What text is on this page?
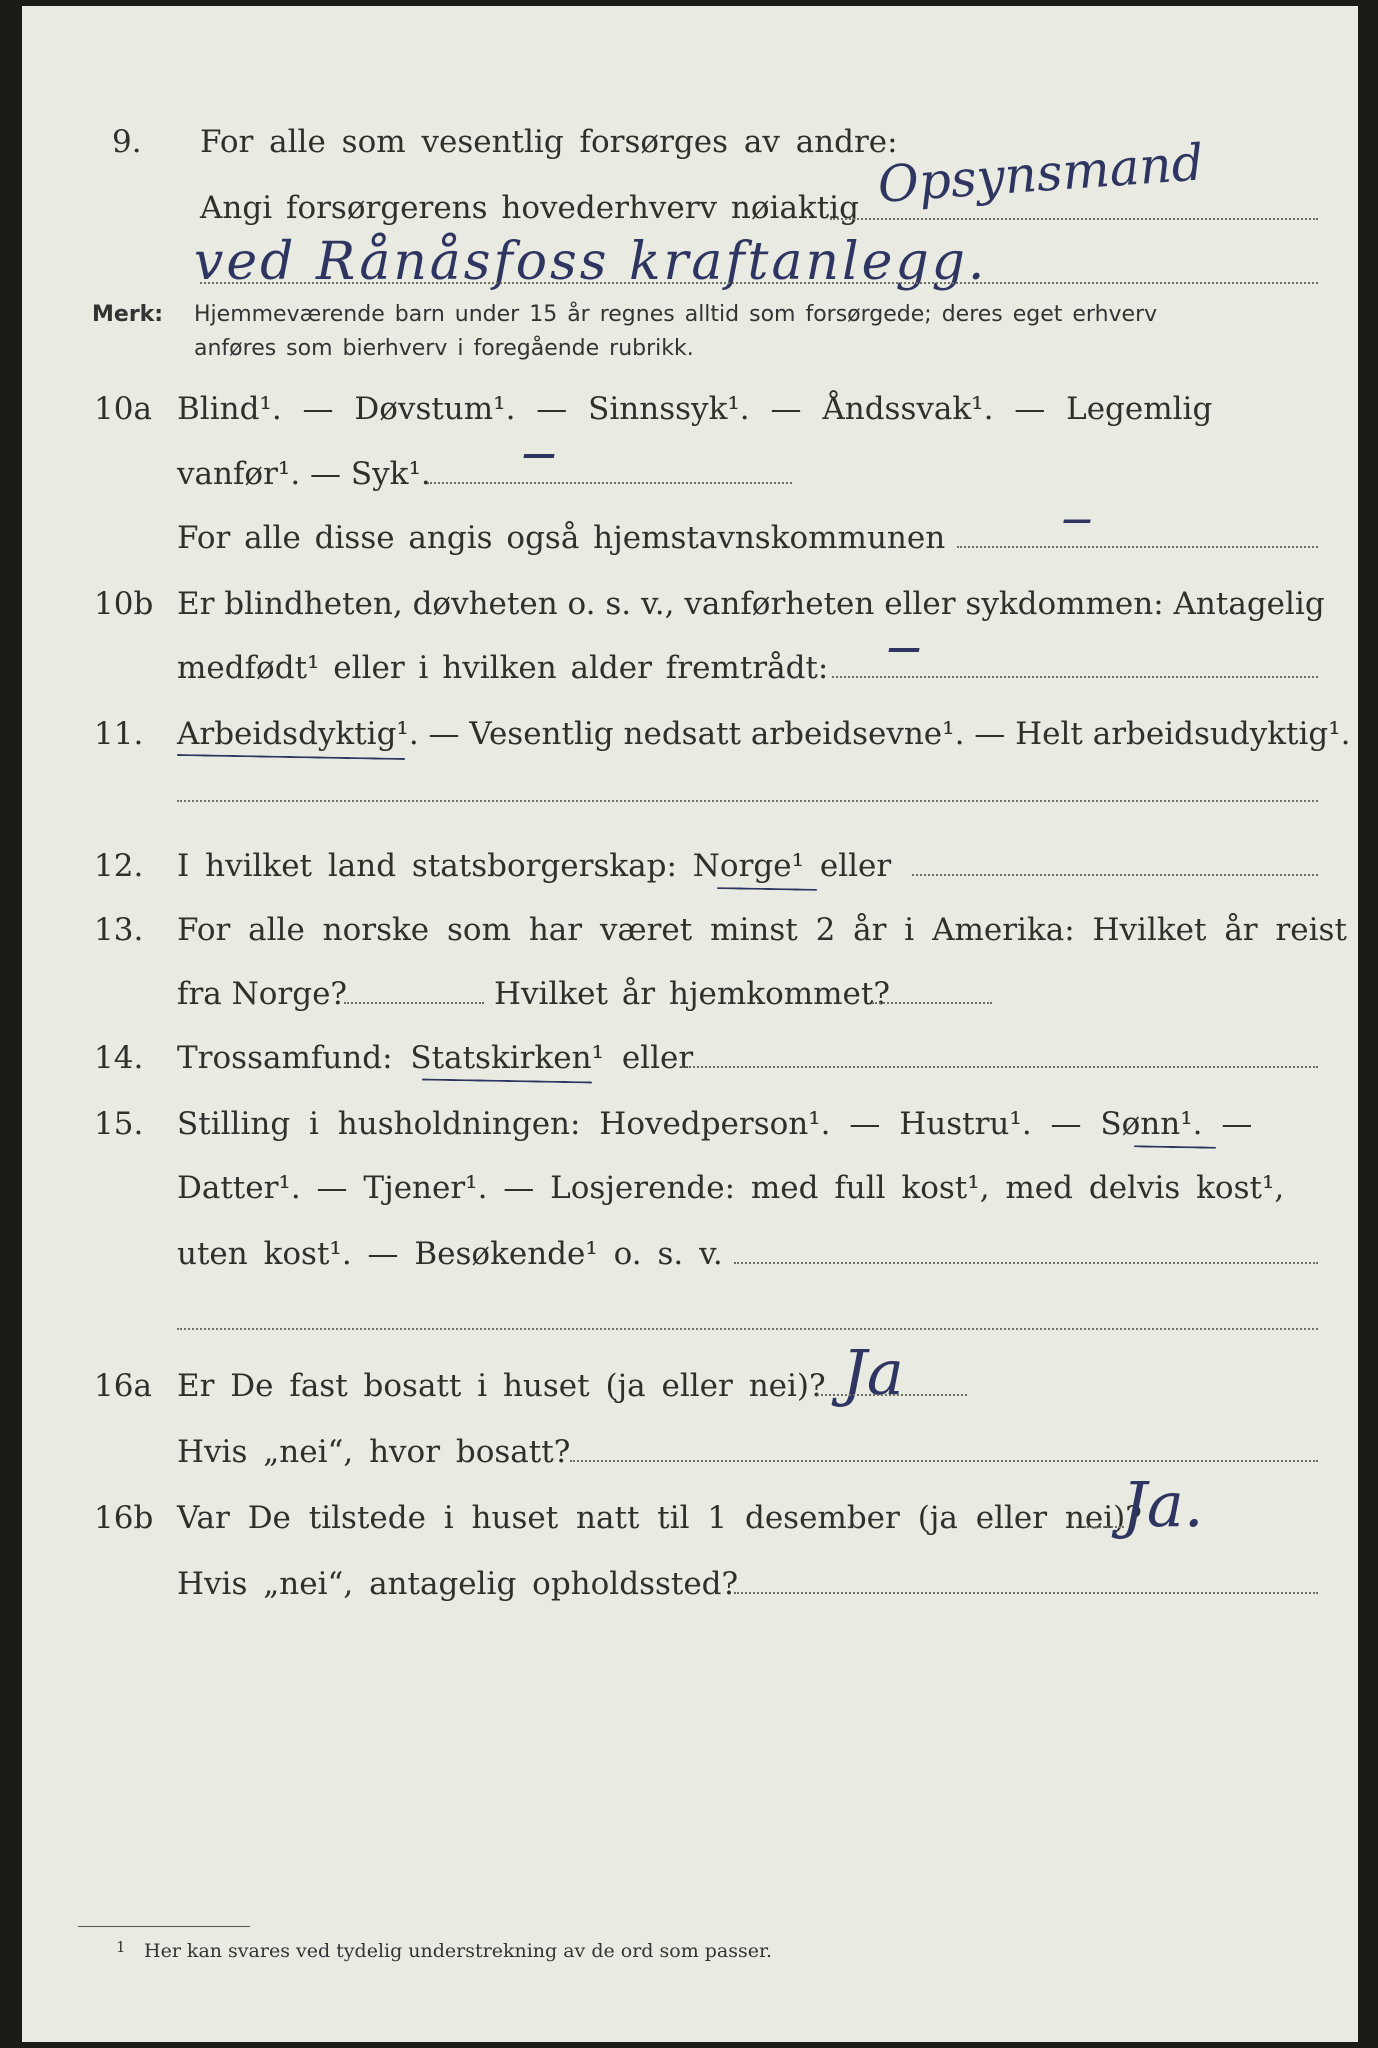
9. For alle som vesentlig forsørges av andre:
Opsynsmand
Angi forsørgerens hovederhverv nøiaktig
ved Rånåsfoss kraftanlegg.
Merk: Hjemmeværende barn under 15 år regnes alltid som forsørgede; deres eget erhverv
anføres som bierhverv i foregående rubrikk.
10a Blind¹. — Døvstum¹. — Sinnssyk¹. — Åndssvak¹. — Legemlig
vanfør¹. — Syk¹.	—
For alle disse angis også hjemstavnskommunen
—
10b Er blindheten, døvheten o. s. v., vanførheten eller sykdommen: Antagelig
medfødt¹ eller i hvilken alder fremtrådt: —
11. Arbeidsdyktig¹. — Vesentlig nedsatt arbeidsevne¹. — Helt arbeidsudyktig¹.
12. I hvilket land statsborgerskap: Norge¹ eller
13. For alle norske som har været minst 2 år i Amerika: Hvilket år reist
fra Norge?	Hvilket år hjemkommet?
14. Trossamfund: Statskirken¹ eller
15. Stilling i husholdningen: Hovedperson¹. — Hustru¹. — Sønn¹. —
Datter¹. — Tjener¹. — Losjerende: med full kost¹, med delvis kost¹,
uten kost¹. — Besøkende¹ o. s. v.
16a Er De fast bosatt i huset (ja eller nei)? Ja
Hvis „nei“, hvor bosatt?
16b Var De tilstede i huset natt til 1 desember (ja eller nei)?
Ja.
Hvis „nei“, antagelig opholdssted?
1 Her kan svares ved tydelig understrekning av de ord som passer.
